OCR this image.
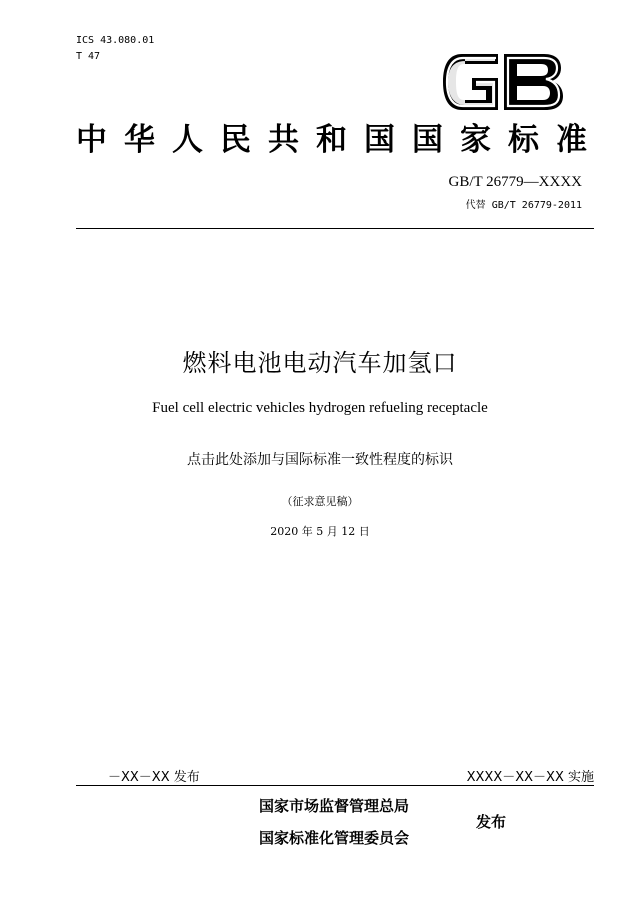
ICS 43.080.01
T 47
中华人民共和国国家标准
GB/T 26779—XXXX
代替 GB/T 26779-2011
燃料电池电动汽车加氢口
Fuel cell electric vehicles hydrogen refueling receptacle
点击此处添加与国际标准一致性程度的标识
（征求意见稿）
2020 年 5 月 12 日
－XX－XX 发布	XXXX－XX－XX 实施
国家市场监督管理总局
国家标准化管理委员会
发布
